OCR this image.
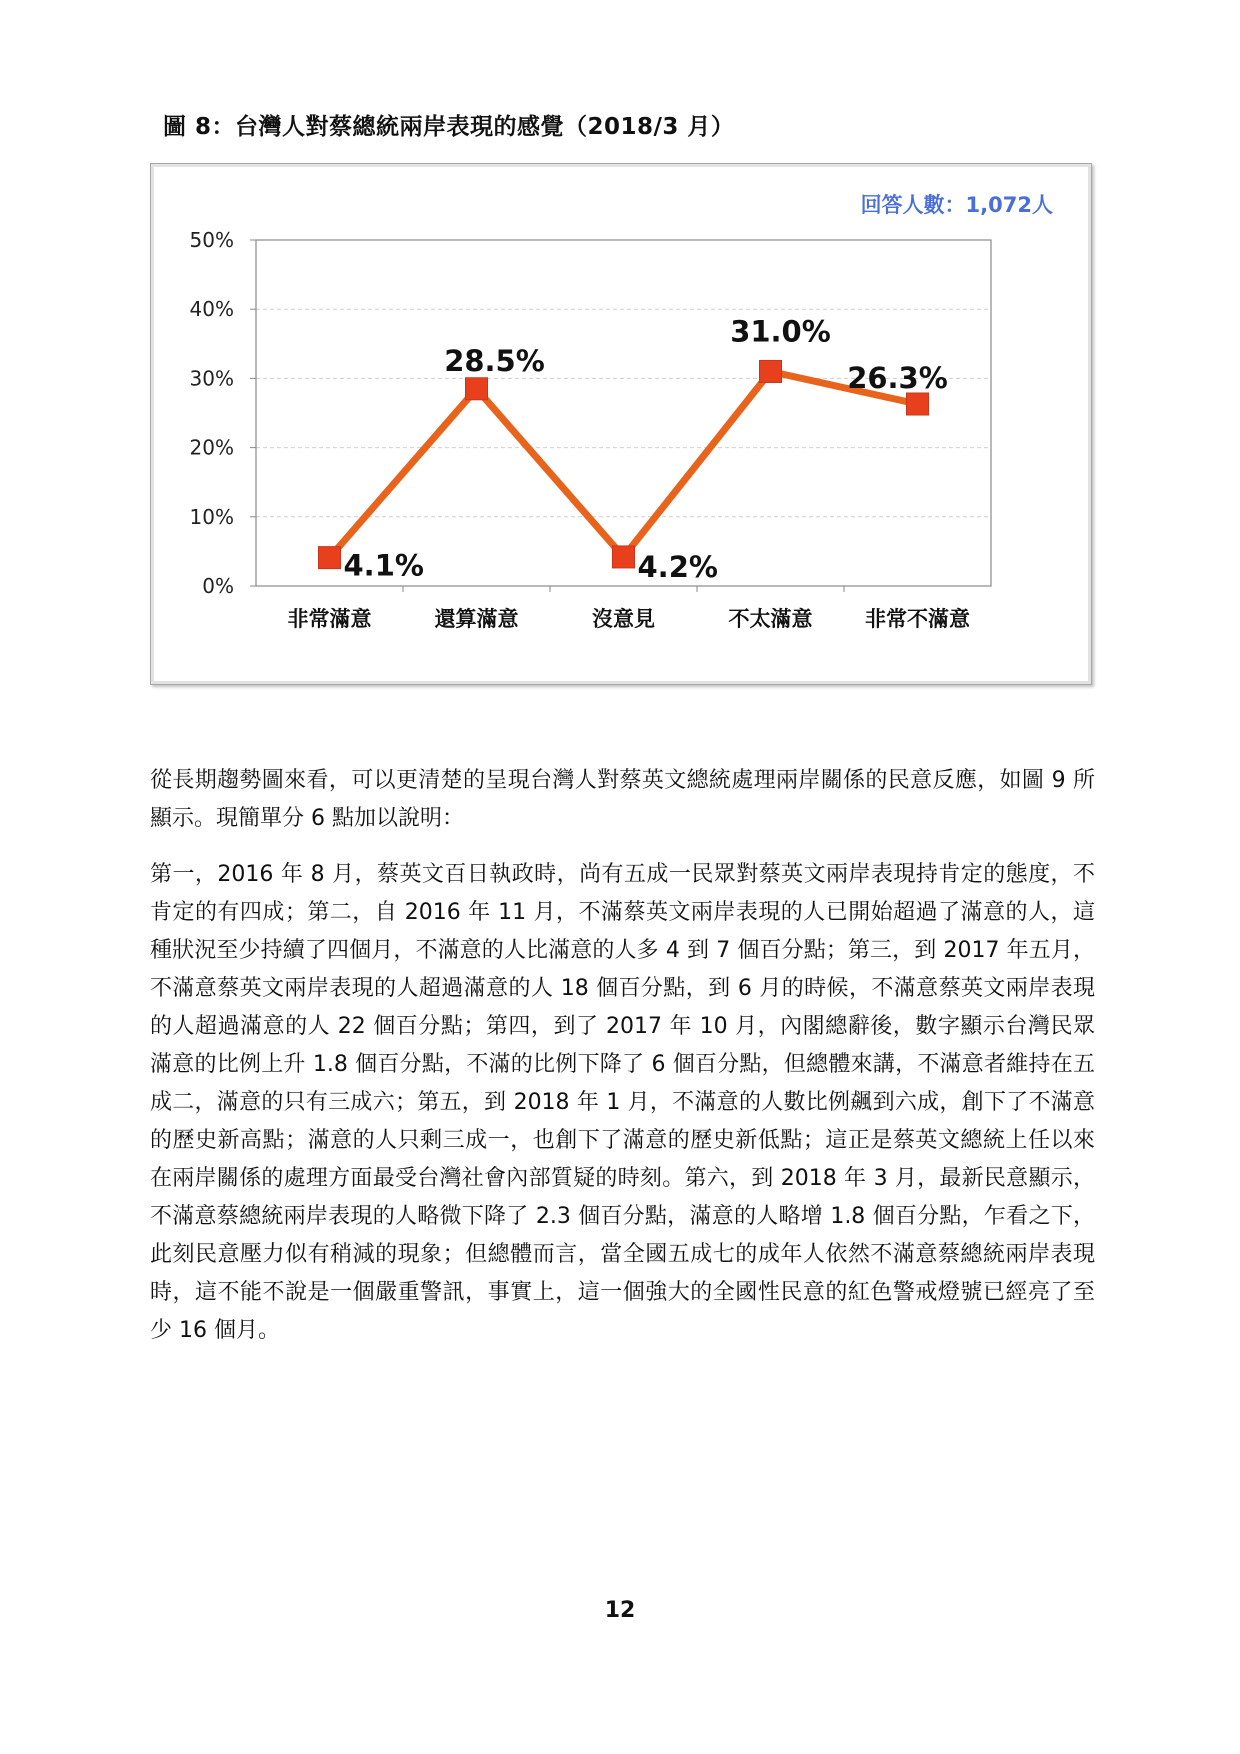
圖 8：台灣人對蔡總統兩岸表現的感覺（2018/3 月）
0%
10%
20%
30%
40%
50%
非常滿意	還算滿意	沒意見	不太滿意	非常不滿意
4.1%
28.5%
4.2%
31.0%
26.3%
回答人數：1,072人
從長期趨勢圖來看，可以更清楚的呈現台灣人對蔡英文總統處理兩岸關係的民意反應，如圖 9 所顯示。現簡單分 6 點加以說明：
第一，2016 年 8 月，蔡英文百日執政時，尚有五成一民眾對蔡英文兩岸表現持肯定的態度，不肯定的有四成；第二，自 2016 年 11 月，不滿蔡英文兩岸表現的人已開始超過了滿意的人，這種狀況至少持續了四個月，不滿意的人比滿意的人多 4 到 7 個百分點；第三，到 2017 年五月，不滿意蔡英文兩岸表現的人超過滿意的人 18 個百分點，到 6 月的時候，不滿意蔡英文兩岸表現的人超過滿意的人 22 個百分點；第四，到了 2017 年 10 月，內閣總辭後，數字顯示台灣民眾滿意的比例上升 1.8 個百分點，不滿的比例下降了 6 個百分點，但總體來講，不滿意者維持在五成二，滿意的只有三成六；第五，到 2018 年 1 月，不滿意的人數比例飆到六成，創下了不滿意的歷史新高點；滿意的人只剩三成一，也創下了滿意的歷史新低點；這正是蔡英文總統上任以來在兩岸關係的處理方面最受台灣社會內部質疑的時刻。第六，到 2018 年 3 月，最新民意顯示，不滿意蔡總統兩岸表現的人略微下降了 2.3 個百分點，滿意的人略增 1.8 個百分點，乍看之下，此刻民意壓力似有稍減的現象；但總體而言，當全國五成七的成年人依然不滿意蔡總統兩岸表現時，這不能不說是一個嚴重警訊，事實上，這一個強大的全國性民意的紅色警戒燈號已經亮了至少 16 個月。
12
